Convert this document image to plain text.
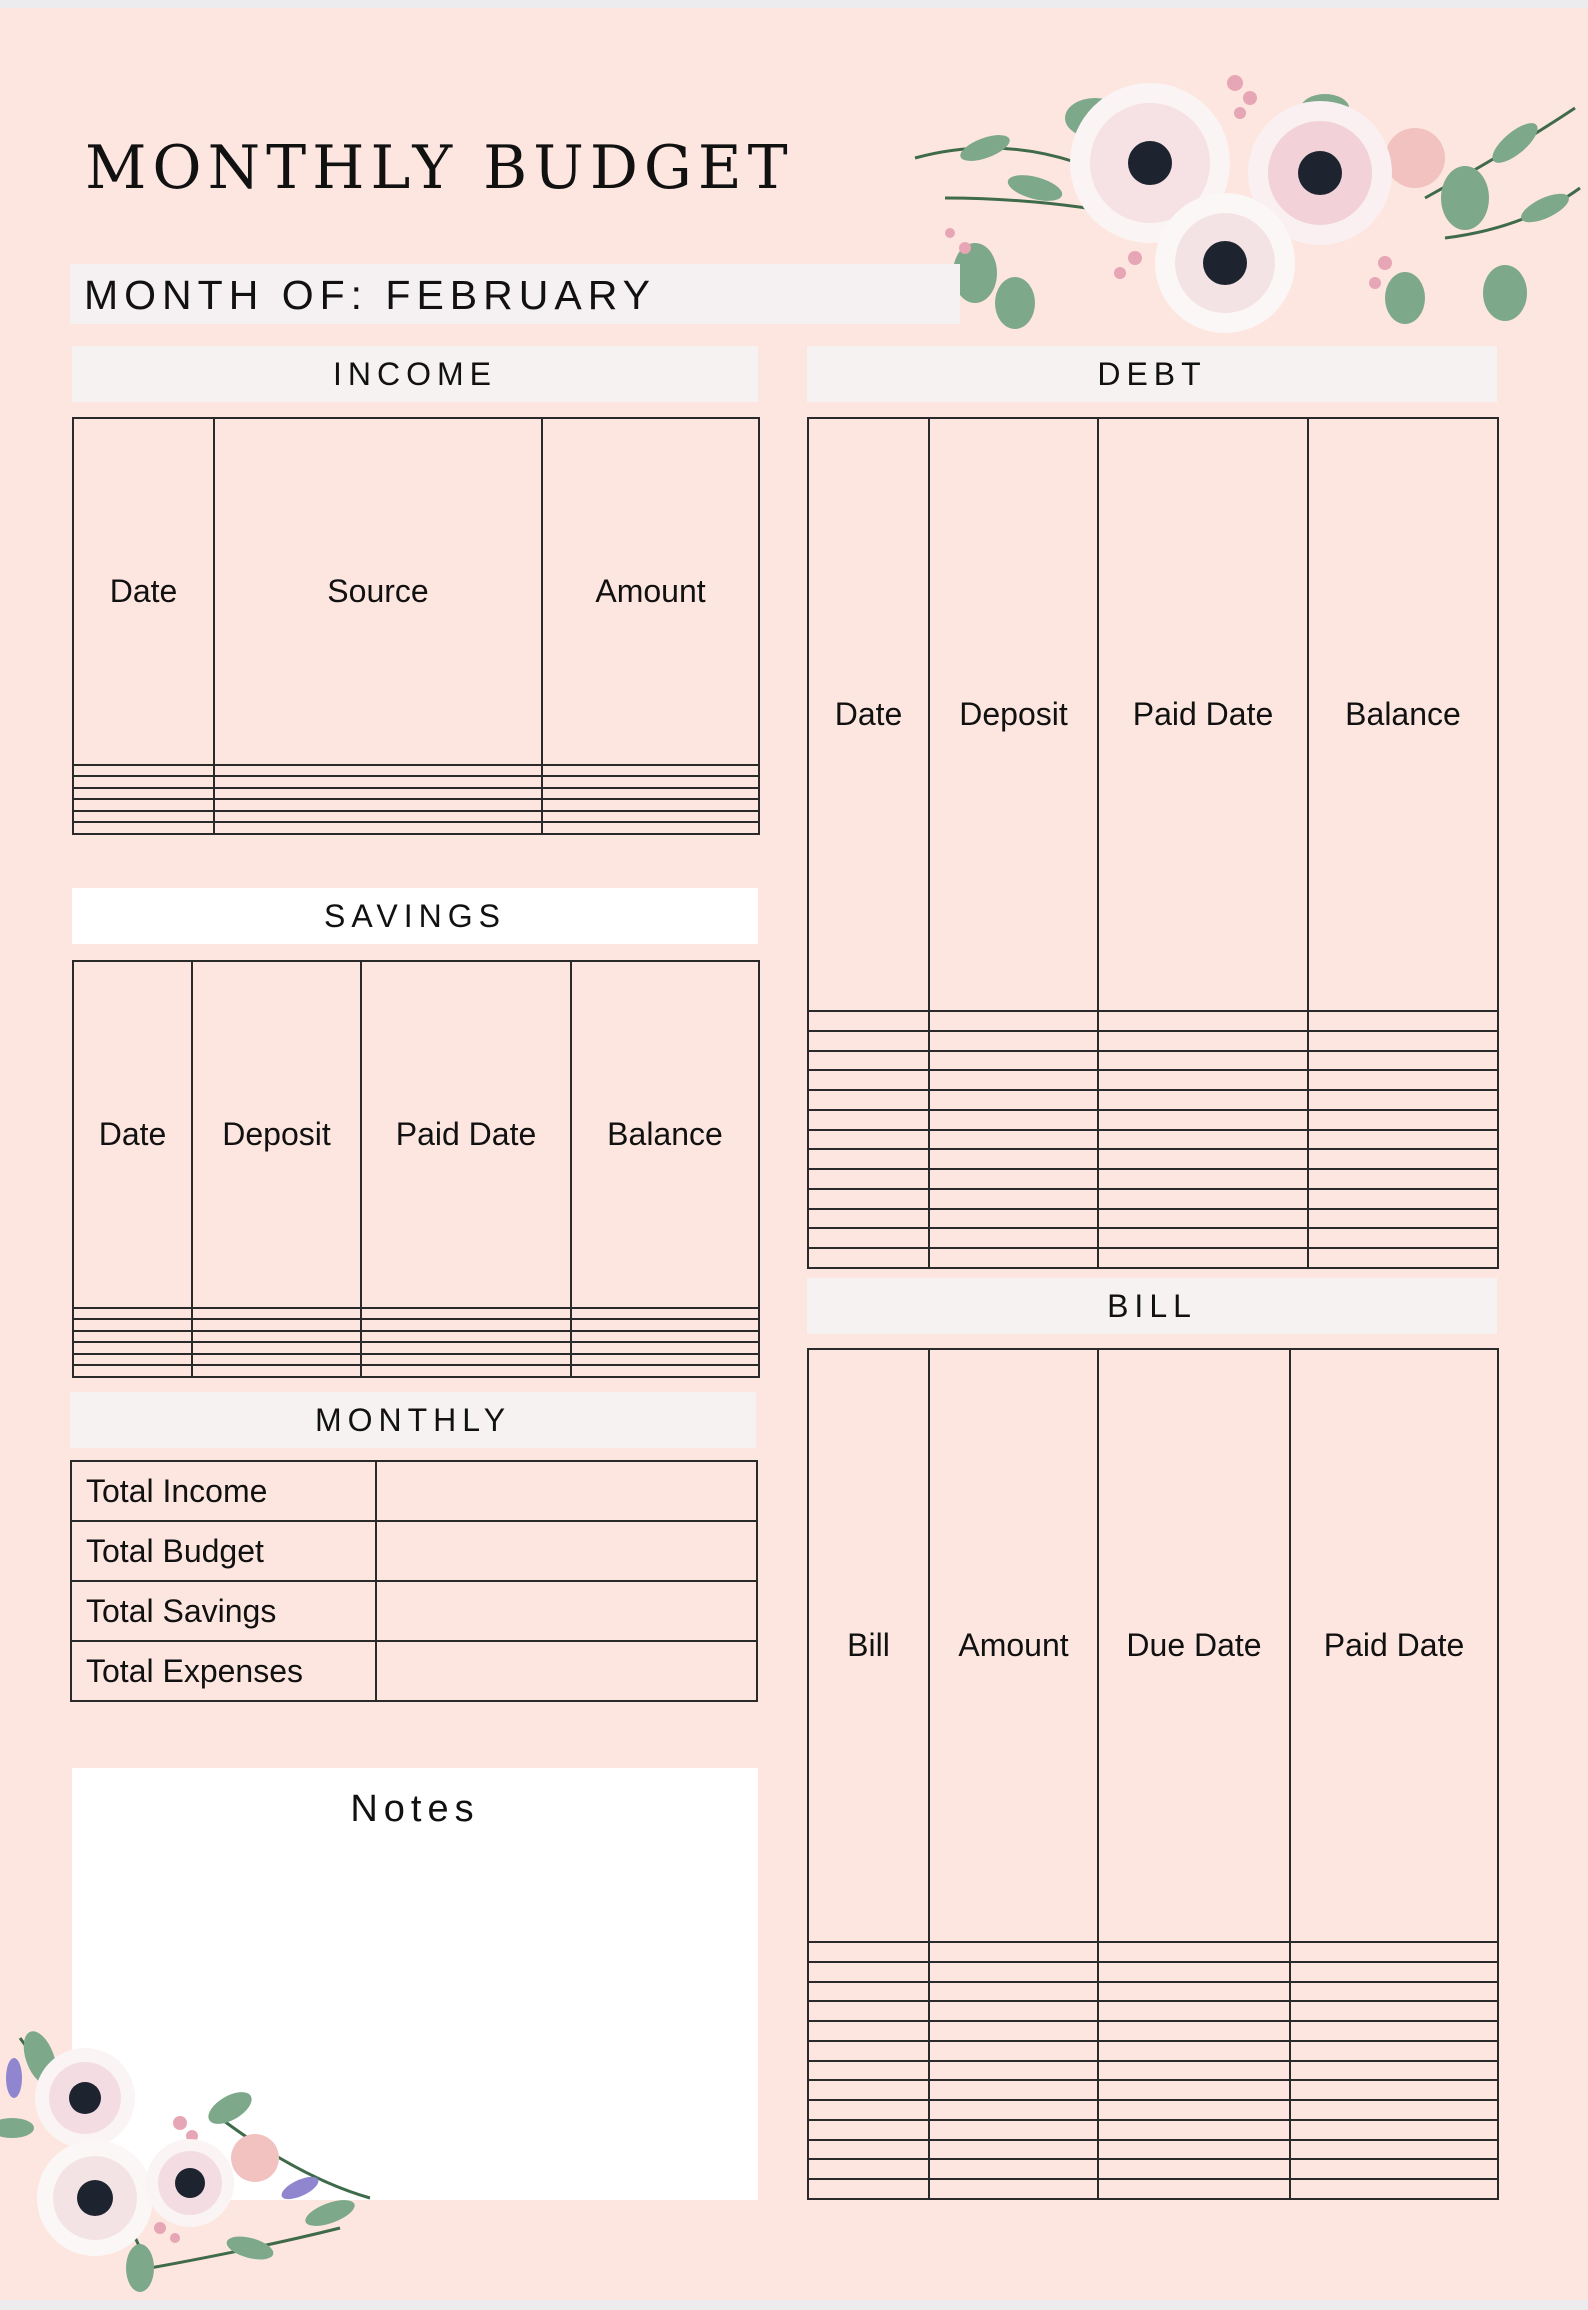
MONTHLY BUDGET
MONTH OF: FEBRUARY
INCOME
Date	Source	Amount

SAVINGS
Date	Deposit	Paid Date	Balance

MONTHLY
Total Income	
Total Budget	
Total Savings	
Total Expenses	
Notes
DEBT
Date	Deposit	Paid Date	Balance

BILL
Bill	Amount	Due Date	Paid Date
